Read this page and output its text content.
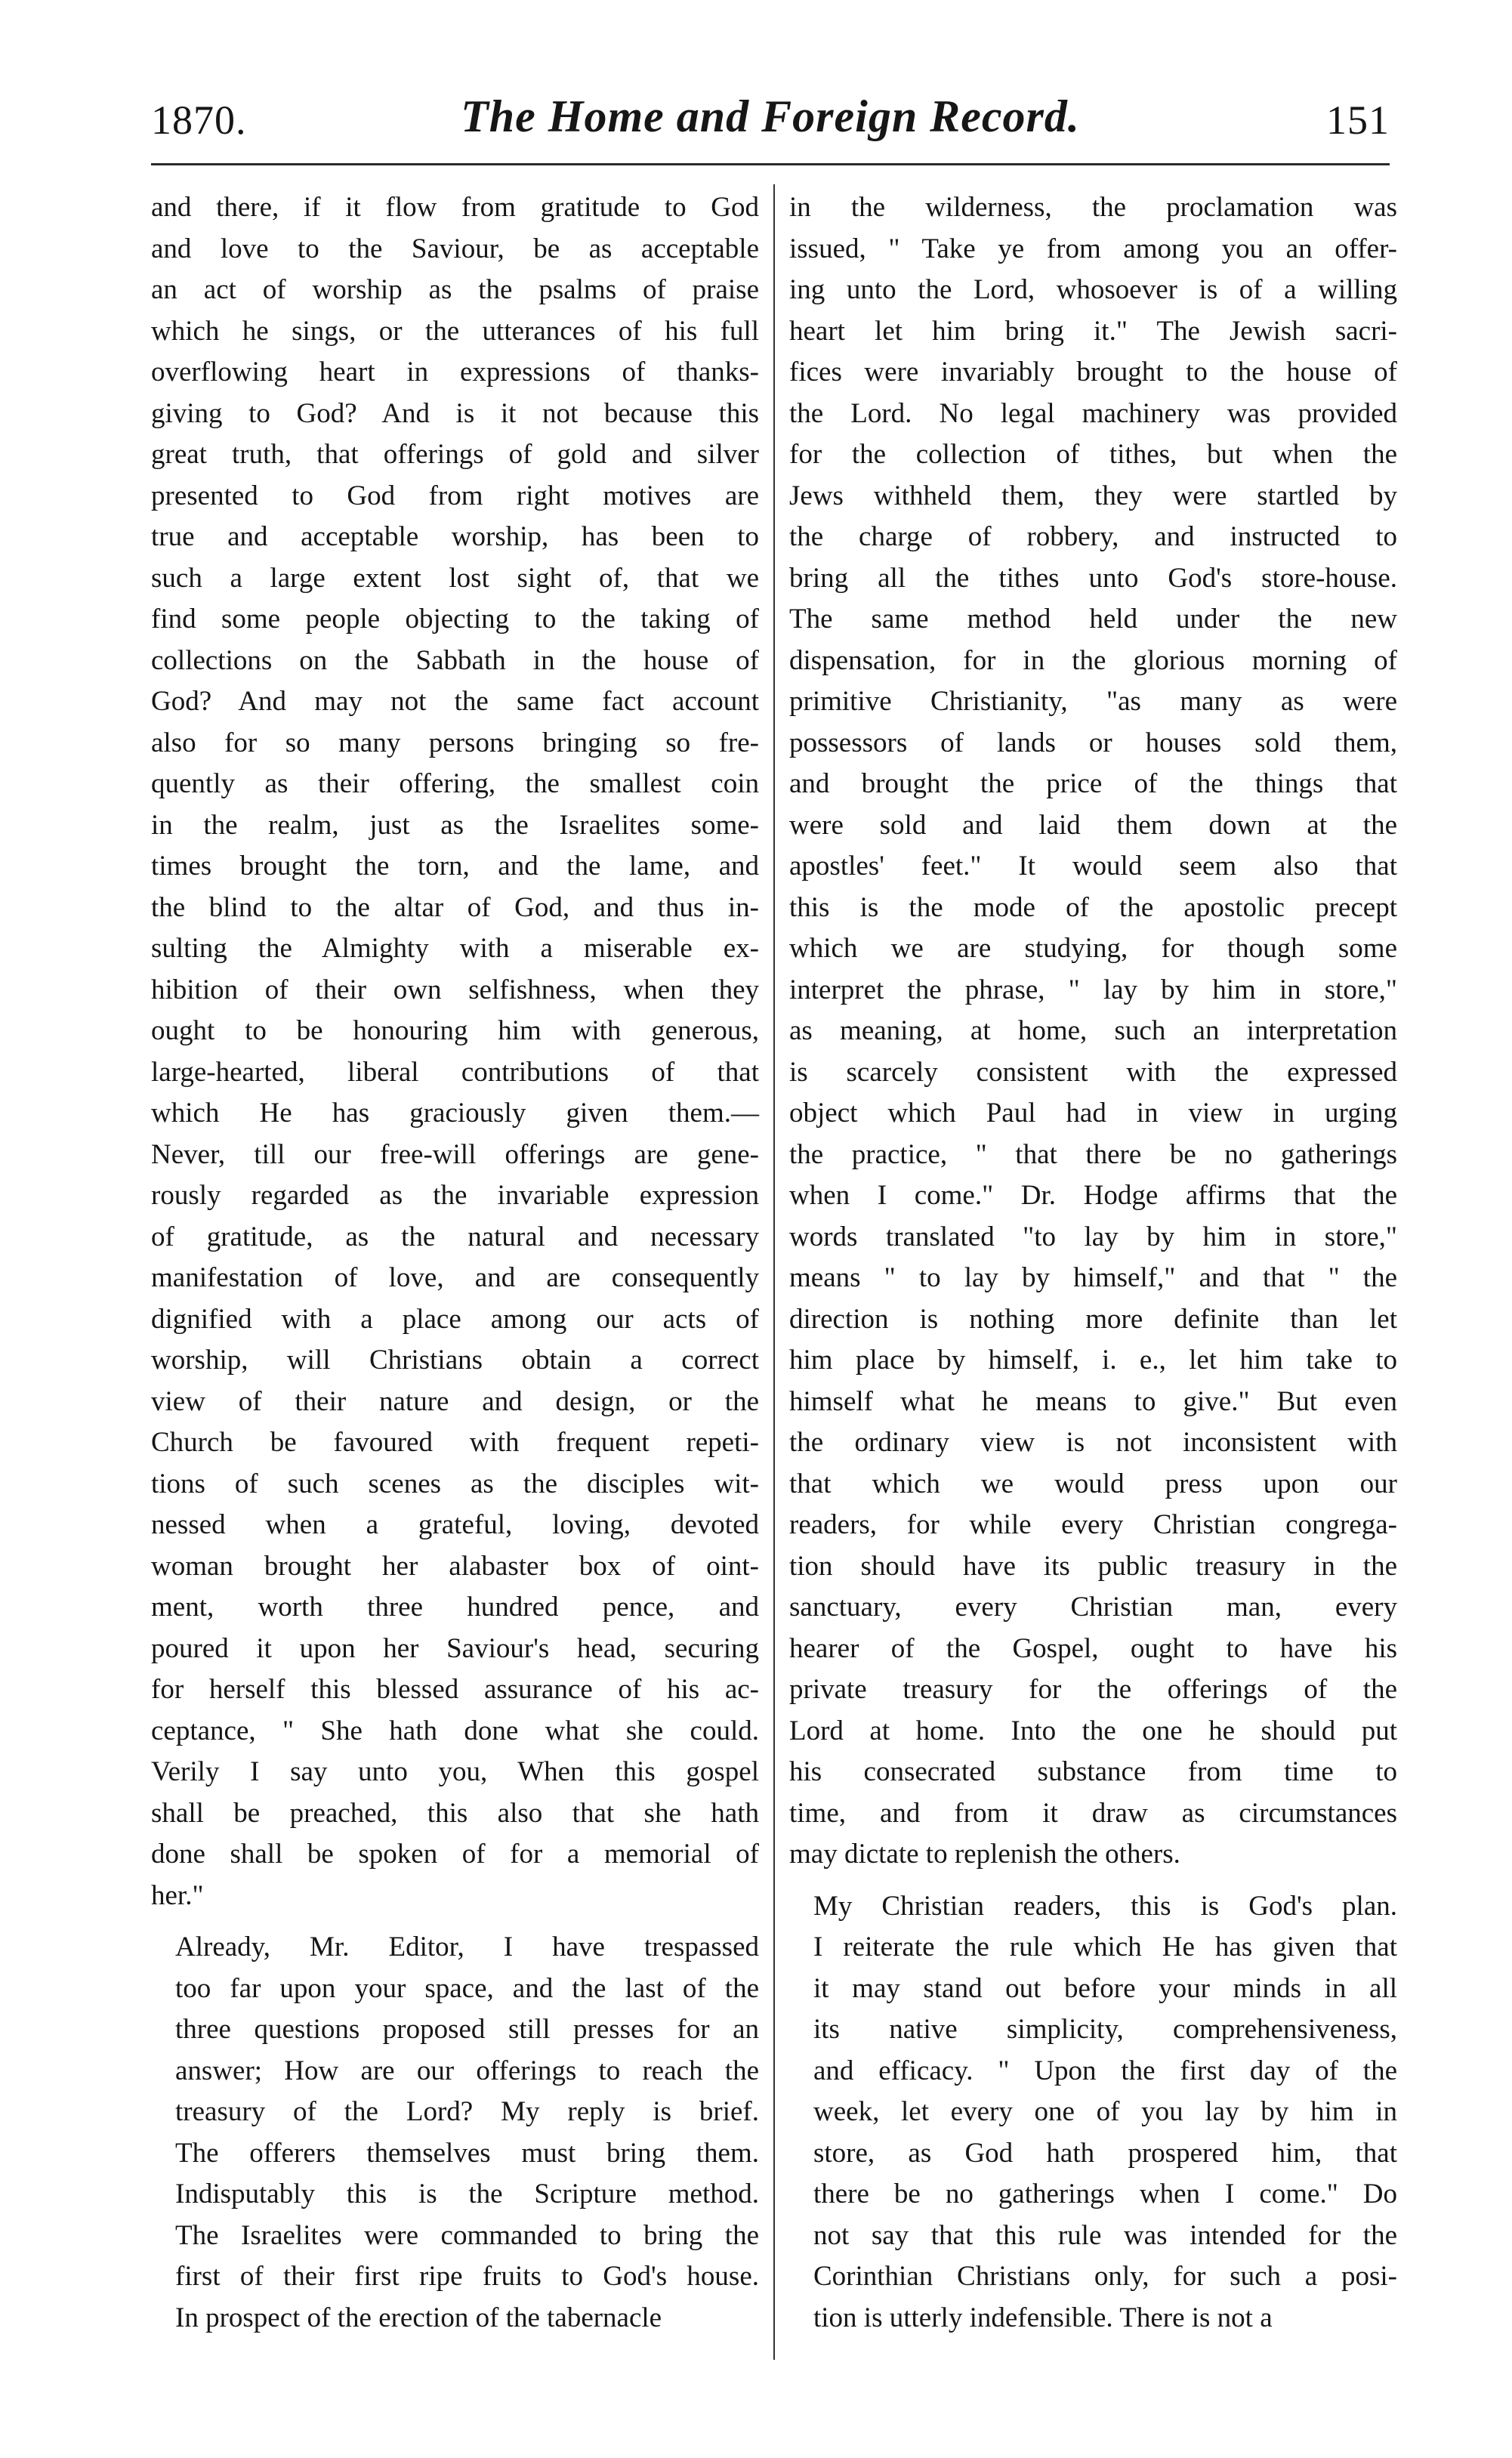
1870.	The Home and Foreign Record.	151
and there, if it flow from gratitude to God
and love to the Saviour, be as acceptable
an act of worship as the psalms of praise
which he sings, or the utterances of his full
overflowing heart in expressions of thanks-
giving to God? And is it not because this
great truth, that offerings of gold and silver
presented to God from right motives are
true and acceptable worship, has been to
such a large extent lost sight of, that we
find some people objecting to the taking of
collections on the Sabbath in the house of
God? And may not the same fact account
also for so many persons bringing so fre-
quently as their offering, the smallest coin
in the realm, just as the Israelites some-
times brought the torn, and the lame, and
the blind to the altar of God, and thus in-
sulting the Almighty with a miserable ex-
hibition of their own selfishness, when they
ought to be honouring him with generous,
large-hearted, liberal contributions of that
which He has graciously given them.—
Never, till our free-will offerings are gene-
rously regarded as the invariable expression
of gratitude, as the natural and necessary
manifestation of love, and are consequently
dignified with a place among our acts of
worship, will Christians obtain a correct
view of their nature and design, or the
Church be favoured with frequent repeti-
tions of such scenes as the disciples wit-
nessed when a grateful, loving, devoted
woman brought her alabaster box of oint-
ment, worth three hundred pence, and
poured it upon her Saviour's head, securing
for herself this blessed assurance of his ac-
ceptance, " She hath done what she could.
Verily I say unto you, When this gospel
shall be preached, this also that she hath
done shall be spoken of for a memorial of
her."
Already, Mr. Editor, I have trespassed
too far upon your space, and the last of the
three questions proposed still presses for an
answer; How are our offerings to reach the
treasury of the Lord? My reply is brief.
The offerers themselves must bring them.
Indisputably this is the Scripture method.
The Israelites were commanded to bring the
first of their first ripe fruits to God's house.
In prospect of the erection of the tabernacle
in the wilderness, the proclamation was
issued, " Take ye from among you an offer-
ing unto the Lord, whosoever is of a willing
heart let him bring it." The Jewish sacri-
fices were invariably brought to the house of
the Lord. No legal machinery was provided
for the collection of tithes, but when the
Jews withheld them, they were startled by
the charge of robbery, and instructed to
bring all the tithes unto God's store-house.
The same method held under the new
dispensation, for in the glorious morning of
primitive Christianity, "as many as were
possessors of lands or houses sold them,
and brought the price of the things that
were sold and laid them down at the
apostles' feet." It would seem also that
this is the mode of the apostolic precept
which we are studying, for though some
interpret the phrase, " lay by him in store,"
as meaning, at home, such an interpretation
is scarcely consistent with the expressed
object which Paul had in view in urging
the practice, " that there be no gatherings
when I come." Dr. Hodge affirms that the
words translated "to lay by him in store,"
means " to lay by himself," and that " the
direction is nothing more definite than let
him place by himself, i. e., let him take to
himself what he means to give." But even
the ordinary view is not inconsistent with
that which we would press upon our
readers, for while every Christian congrega-
tion should have its public treasury in the
sanctuary, every Christian man, every
hearer of the Gospel, ought to have his
private treasury for the offerings of the
Lord at home. Into the one he should put
his consecrated substance from time to
time, and from it draw as circumstances
may dictate to replenish the others.
My Christian readers, this is God's plan.
I reiterate the rule which He has given that
it may stand out before your minds in all
its native simplicity, comprehensiveness,
and efficacy. " Upon the first day of the
week, let every one of you lay by him in
store, as God hath prospered him, that
there be no gatherings when I come." Do
not say that this rule was intended for the
Corinthian Christians only, for such a posi-
tion is utterly indefensible. There is not a
